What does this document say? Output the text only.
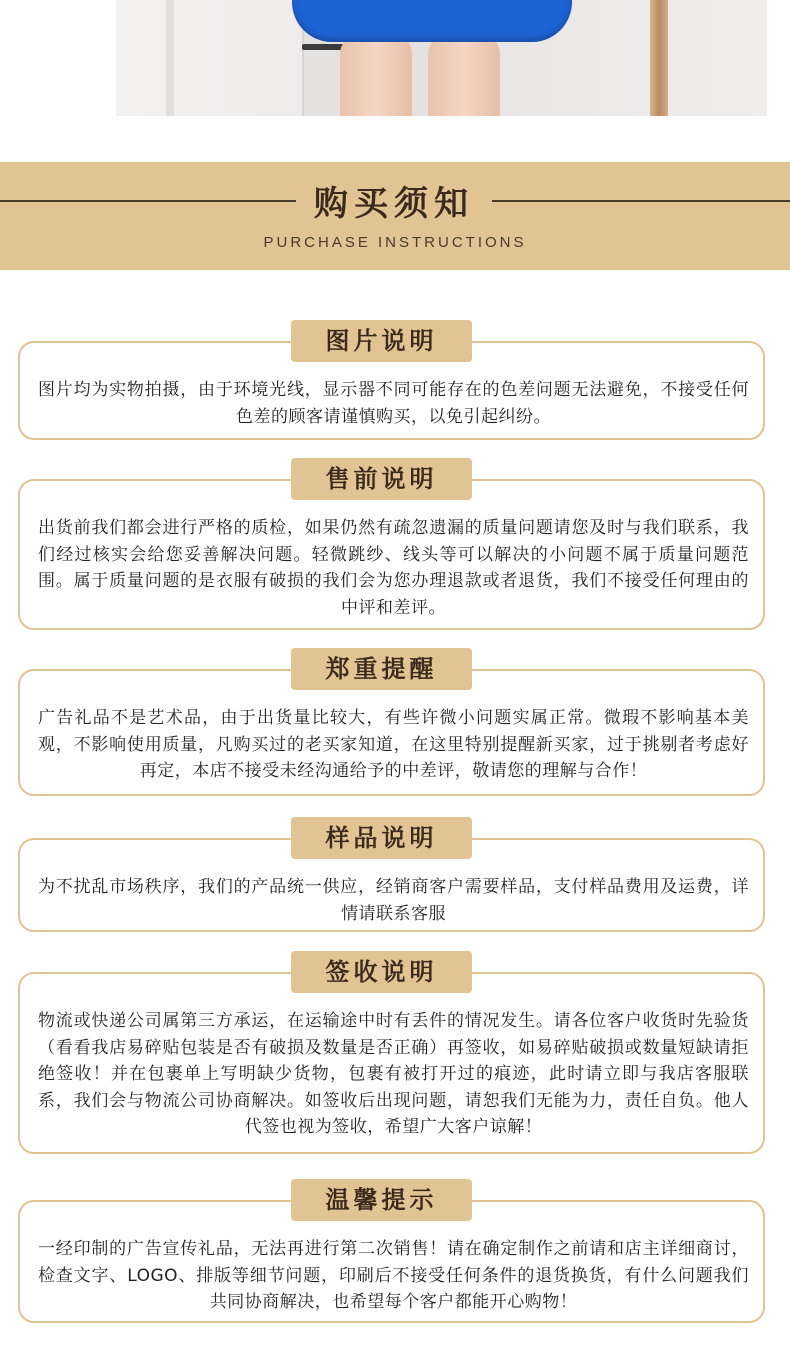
购买须知
PURCHASE INSTRUCTIONS
图片说明
图片均为实物拍摄，由于环境光线，显示器不同可能存在的色差问题无法避免，不接受任何色差的顾客请谨慎购买，以免引起纠纷。
售前说明
出货前我们都会进行严格的质检，如果仍然有疏忽遗漏的质量问题请您及时与我们联系，我们经过核实会给您妥善解决问题。轻微跳纱、线头等可以解决的小问题不属于质量问题范围。属于质量问题的是衣服有破损的我们会为您办理退款或者退货，我们不接受任何理由的中评和差评。
郑重提醒
广告礼品不是艺术品，由于出货量比较大，有些许微小问题实属正常。微瑕不影响基本美观，不影响使用质量，凡购买过的老买家知道，在这里特别提醒新买家，过于挑剔者考虑好再定，本店不接受未经沟通给予的中差评，敬请您的理解与合作！
样品说明
为不扰乱市场秩序，我们的产品统一供应，经销商客户需要样品，支付样品费用及运费，详情请联系客服
签收说明
物流或快递公司属第三方承运，在运输途中时有丢件的情况发生。请各位客户收货时先验货（看看我店易碎贴包装是否有破损及数量是否正确）再签收，如易碎贴破损或数量短缺请拒绝签收！并在包裹单上写明缺少货物，包裹有被打开过的痕迹，此时请立即与我店客服联系，我们会与物流公司协商解决。如签收后出现问题，请恕我们无能为力，责任自负。他人代签也视为签收，希望广大客户谅解！
温馨提示
一经印制的广告宣传礼品，无法再进行第二次销售！请在确定制作之前请和店主详细商讨，检查文字、LOGO、排版等细节问题，印刷后不接受任何条件的退货换货，有什么问题我们共同协商解决，也希望每个客户都能开心购物！
